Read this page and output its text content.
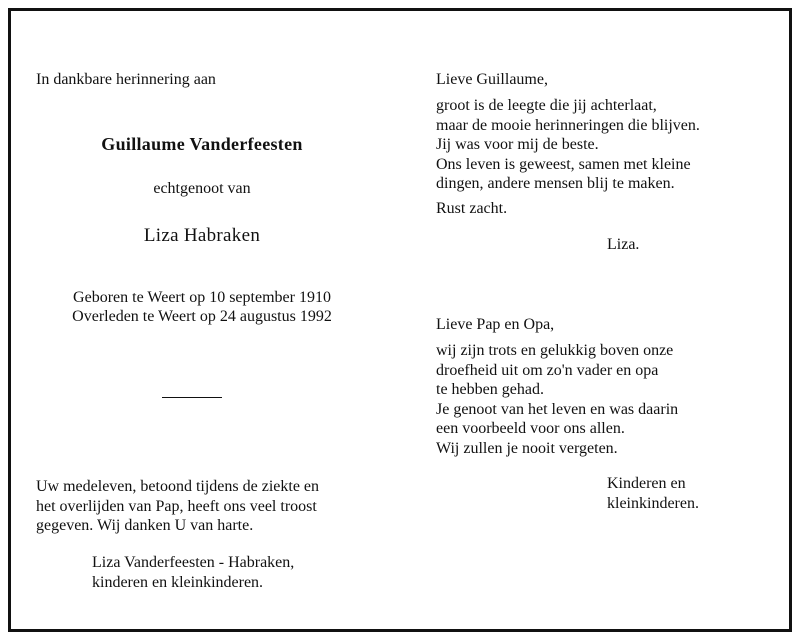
In dankbare herinnering aan
Guillaume Vanderfeesten
echtgenoot van
Liza Habraken
Geboren te Weert op 10 september 1910
Overleden te Weert op 24 augustus 1992
Uw medeleven, betoond tijdens de ziekte en
het overlijden van Pap, heeft ons veel troost
gegeven. Wij danken U van harte.
Liza Vanderfeesten - Habraken,
kinderen en kleinkinderen.
Lieve Guillaume,
groot is de leegte die jij achterlaat,
maar de mooie herinneringen die blijven.
Jij was voor mij de beste.
Ons leven is geweest, samen met kleine
dingen, andere mensen blij te maken.
Rust zacht.
Liza.
Lieve Pap en Opa,
wij zijn trots en gelukkig boven onze
droefheid uit om zo'n vader en opa
te hebben gehad.
Je genoot van het leven en was daarin
een voorbeeld voor ons allen.
Wij zullen je nooit vergeten.
Kinderen en
kleinkinderen.
